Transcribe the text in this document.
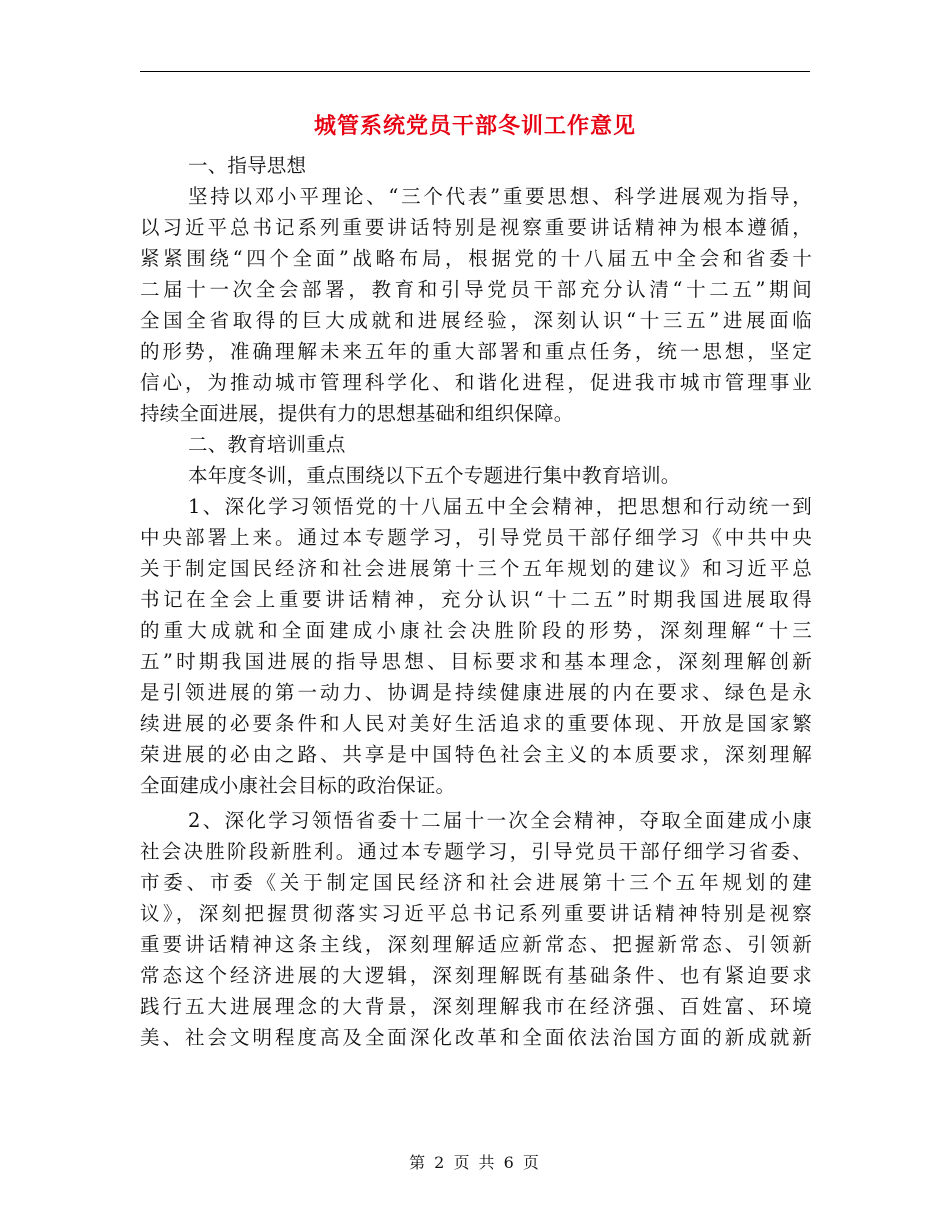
城管系统党员干部冬训工作意见
一、指导思想
坚持以邓小平理论、“三个代表”重要思想、科学进展观为指导，
以习近平总书记系列重要讲话特别是视察重要讲话精神为根本遵循，
紧紧围绕“四个全面”战略布局，根据党的十八届五中全会和省委十
二届十一次全会部署，教育和引导党员干部充分认清“十二五”期间
全国全省取得的巨大成就和进展经验，深刻认识“十三五”进展面临
的形势，准确理解未来五年的重大部署和重点任务，统一思想，坚定
信心，为推动城市管理科学化、和谐化进程，促进我市城市管理事业
持续全面进展，提供有力的思想基础和组织保障。
二、教育培训重点
本年度冬训，重点围绕以下五个专题进行集中教育培训。
1、深化学习领悟党的十八届五中全会精神，把思想和行动统一到
中央部署上来。通过本专题学习，引导党员干部仔细学习《中共中央
关于制定国民经济和社会进展第十三个五年规划的建议》和习近平总
书记在全会上重要讲话精神，充分认识“十二五”时期我国进展取得
的重大成就和全面建成小康社会决胜阶段的形势，深刻理解“十三
五”时期我国进展的指导思想、目标要求和基本理念，深刻理解创新
是引领进展的第一动力、协调是持续健康进展的内在要求、绿色是永
续进展的必要条件和人民对美好生活追求的重要体现、开放是国家繁
荣进展的必由之路、共享是中国特色社会主义的本质要求，深刻理解
全面建成小康社会目标的政治保证。
2、深化学习领悟省委十二届十一次全会精神，夺取全面建成小康
社会决胜阶段新胜利。通过本专题学习，引导党员干部仔细学习省委、
市委、市委《关于制定国民经济和社会进展第十三个五年规划的建
议》，深刻把握贯彻落实习近平总书记系列重要讲话精神特别是视察
重要讲话精神这条主线，深刻理解适应新常态、把握新常态、引领新
常态这个经济进展的大逻辑，深刻理解既有基础条件、也有紧迫要求
践行五大进展理念的大背景，深刻理解我市在经济强、百姓富、环境
美、社会文明程度高及全面深化改革和全面依法治国方面的新成就新
第 2 页 共 6 页
